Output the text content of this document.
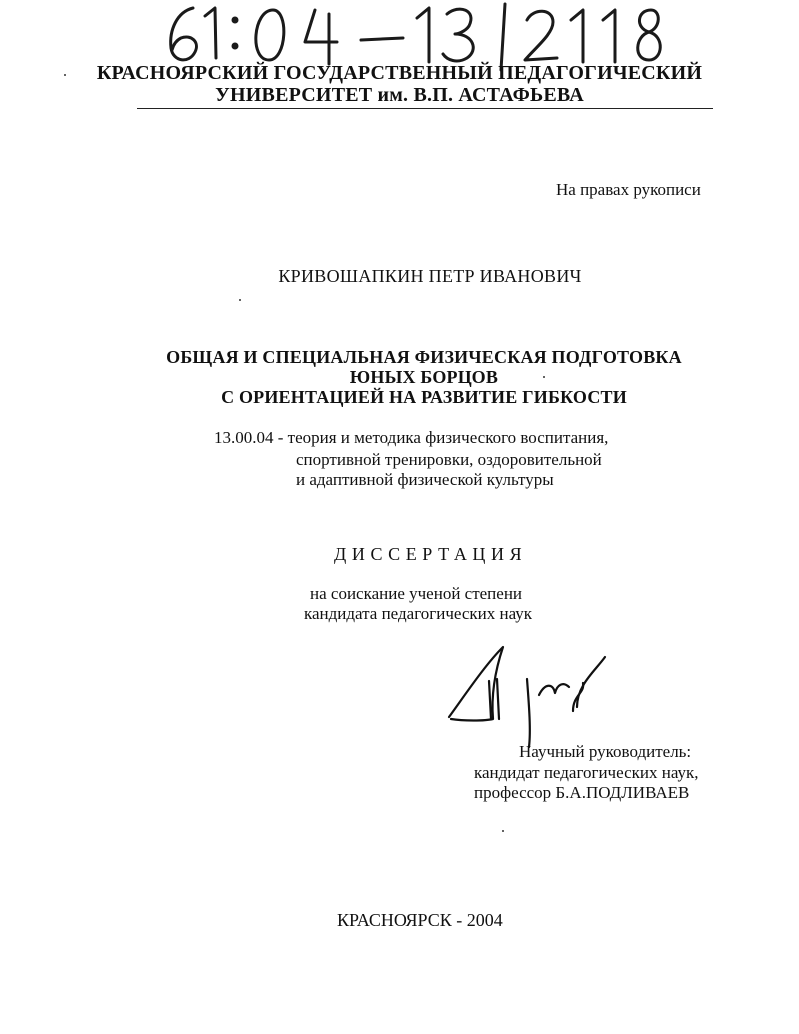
КРАСНОЯРСКИЙ ГОСУДАРСТВЕННЫЙ ПЕДАГОГИЧЕСКИЙ
УНИВЕРСИТЕТ им. В.П. АСТАФЬЕВА
На правах рукописи
КРИВОШАПКИН ПЕТР ИВАНОВИЧ
ОБЩАЯ И СПЕЦИАЛЬНАЯ ФИЗИЧЕСКАЯ ПОДГОТОВКА
ЮНЫХ БОРЦОВ
С ОРИЕНТАЦИЕЙ НА РАЗВИТИЕ ГИБКОСТИ
13.00.04 - теория и методика физического воспитания,
спортивной тренировки, оздоровительной
и адаптивной физической культуры
ДИССЕРТАЦИЯ
на соискание ученой степени
кандидата педагогических наук
Научный руководитель:
кандидат педагогических наук,
профессор Б.А.ПОДЛИВАЕВ
КРАСНОЯРСК - 2004
